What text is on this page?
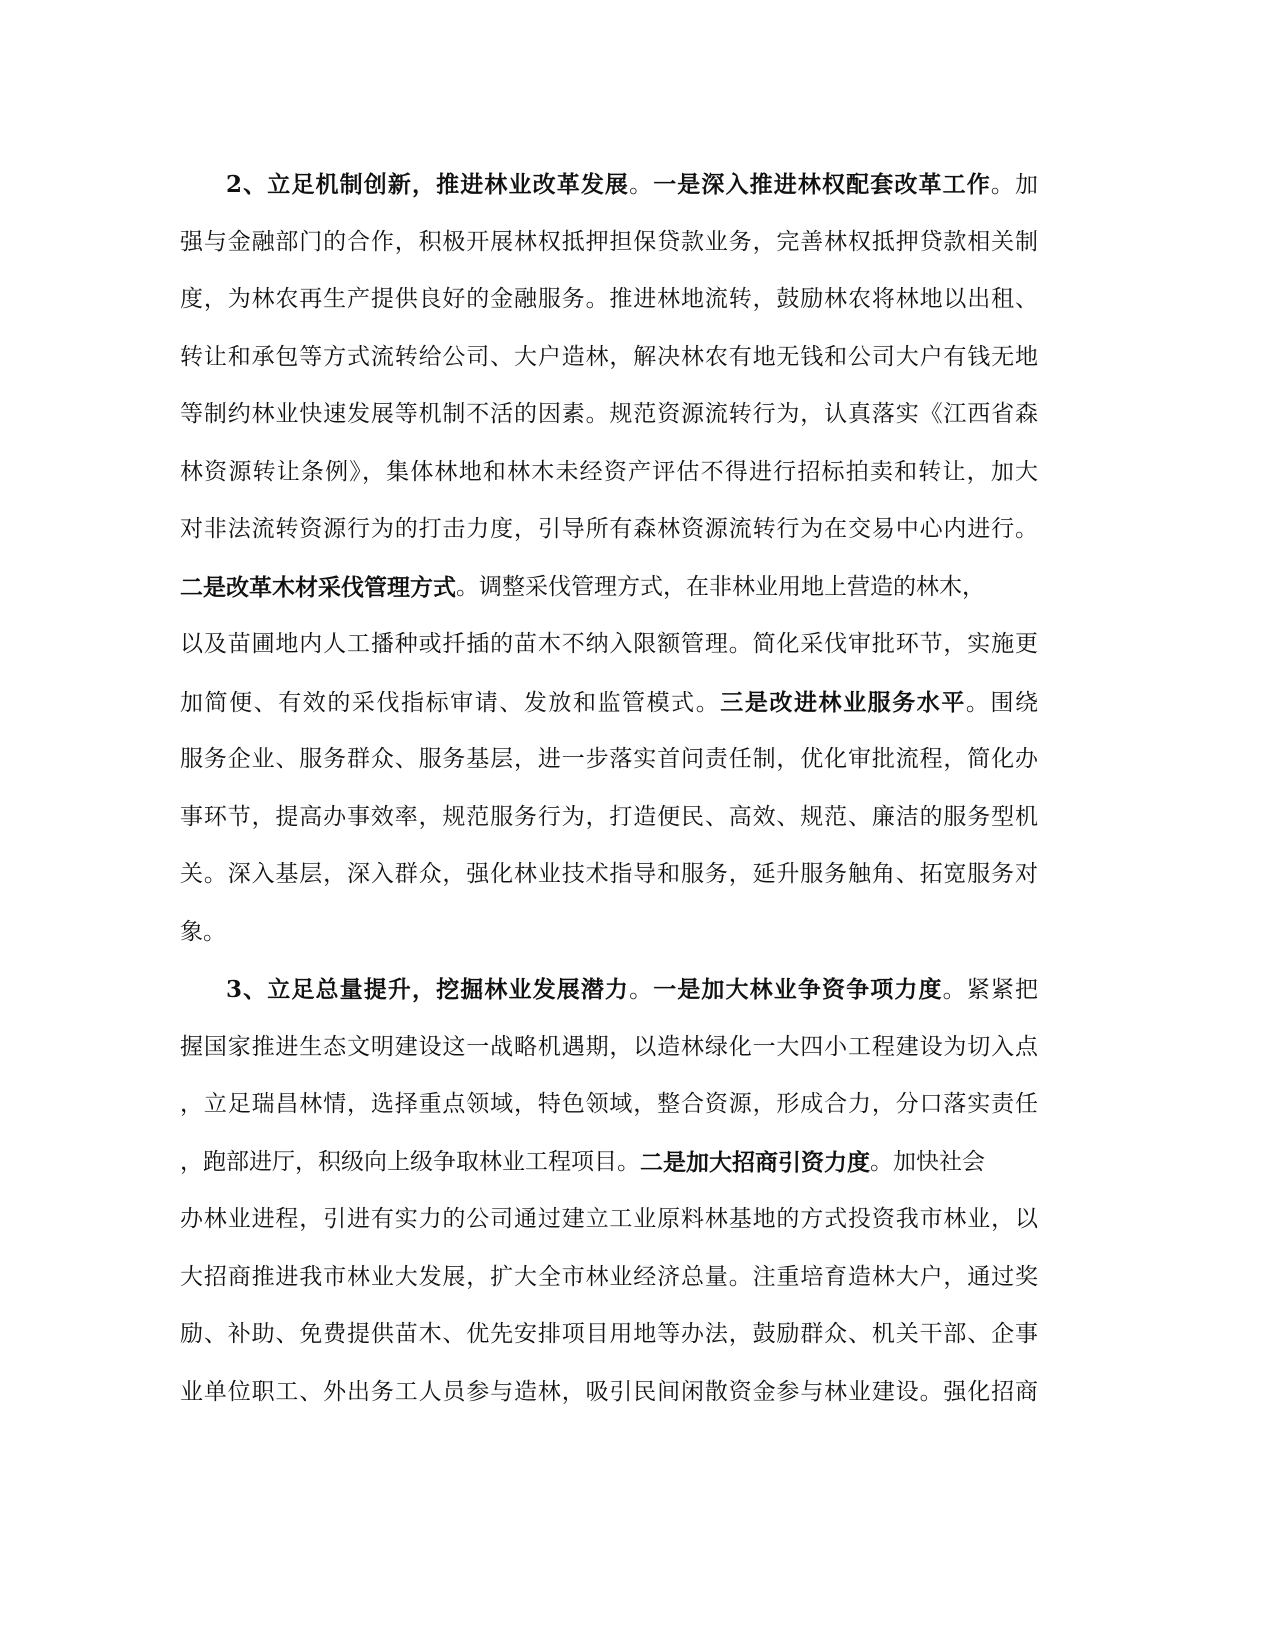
2、立足机制创新，推进林业改革发展。一是深入推进林权配套改革工作。加
强与金融部门的合作，积极开展林权抵押担保贷款业务，完善林权抵押贷款相关制
度，为林农再生产提供良好的金融服务。推进林地流转，鼓励林农将林地以出租、
转让和承包等方式流转给公司、大户造林，解决林农有地无钱和公司大户有钱无地
等制约林业快速发展等机制不活的因素。规范资源流转行为，认真落实《江西省森
林资源转让条例》，集体林地和林木未经资产评估不得进行招标拍卖和转让，加大
对非法流转资源行为的打击力度，引导所有森林资源流转行为在交易中心内进行。
二是改革木材采伐管理方式 。调整采伐管理方式，在非林业用地上营造的林木，
以及苗圃地内人工播种或扦插的苗木不纳入限额管理。简化采伐审批环节，实施更
加简便、有效的采伐指标审请、发放和监管模式。三是改进林业服务水平。围绕
服务企业、服务群众、服务基层，进一步落实首问责任制，优化审批流程，简化办
事环节，提高办事效率，规范服务行为，打造便民、高效、规范、廉洁的服务型机
关。深入基层，深入群众，强化林业技术指导和服务，延升服务触角、拓宽服务对
象。
3、立足总量提升，挖掘林业发展潜力。一是加大林业争资争项力度。紧紧把
握国家推进生态文明建设这一战略机遇期，以造林绿化一大四小工程建设为切入点
，立足瑞昌林情，选择重点领域，特色领域，整合资源，形成合力，分口落实责任
，跑部进厅，积级向上级争取林业工程项目。 二是加大招商引资力度 。加快社会
办林业进程，引进有实力的公司通过建立工业原料林基地的方式投资我市林业，以
大招商推进我市林业大发展，扩大全市林业经济总量。注重培育造林大户，通过奖
励、补助、免费提供苗木、优先安排项目用地等办法，鼓励群众、机关干部、企事
业单位职工、外出务工人员参与造林，吸引民间闲散资金参与林业建设。强化招商
